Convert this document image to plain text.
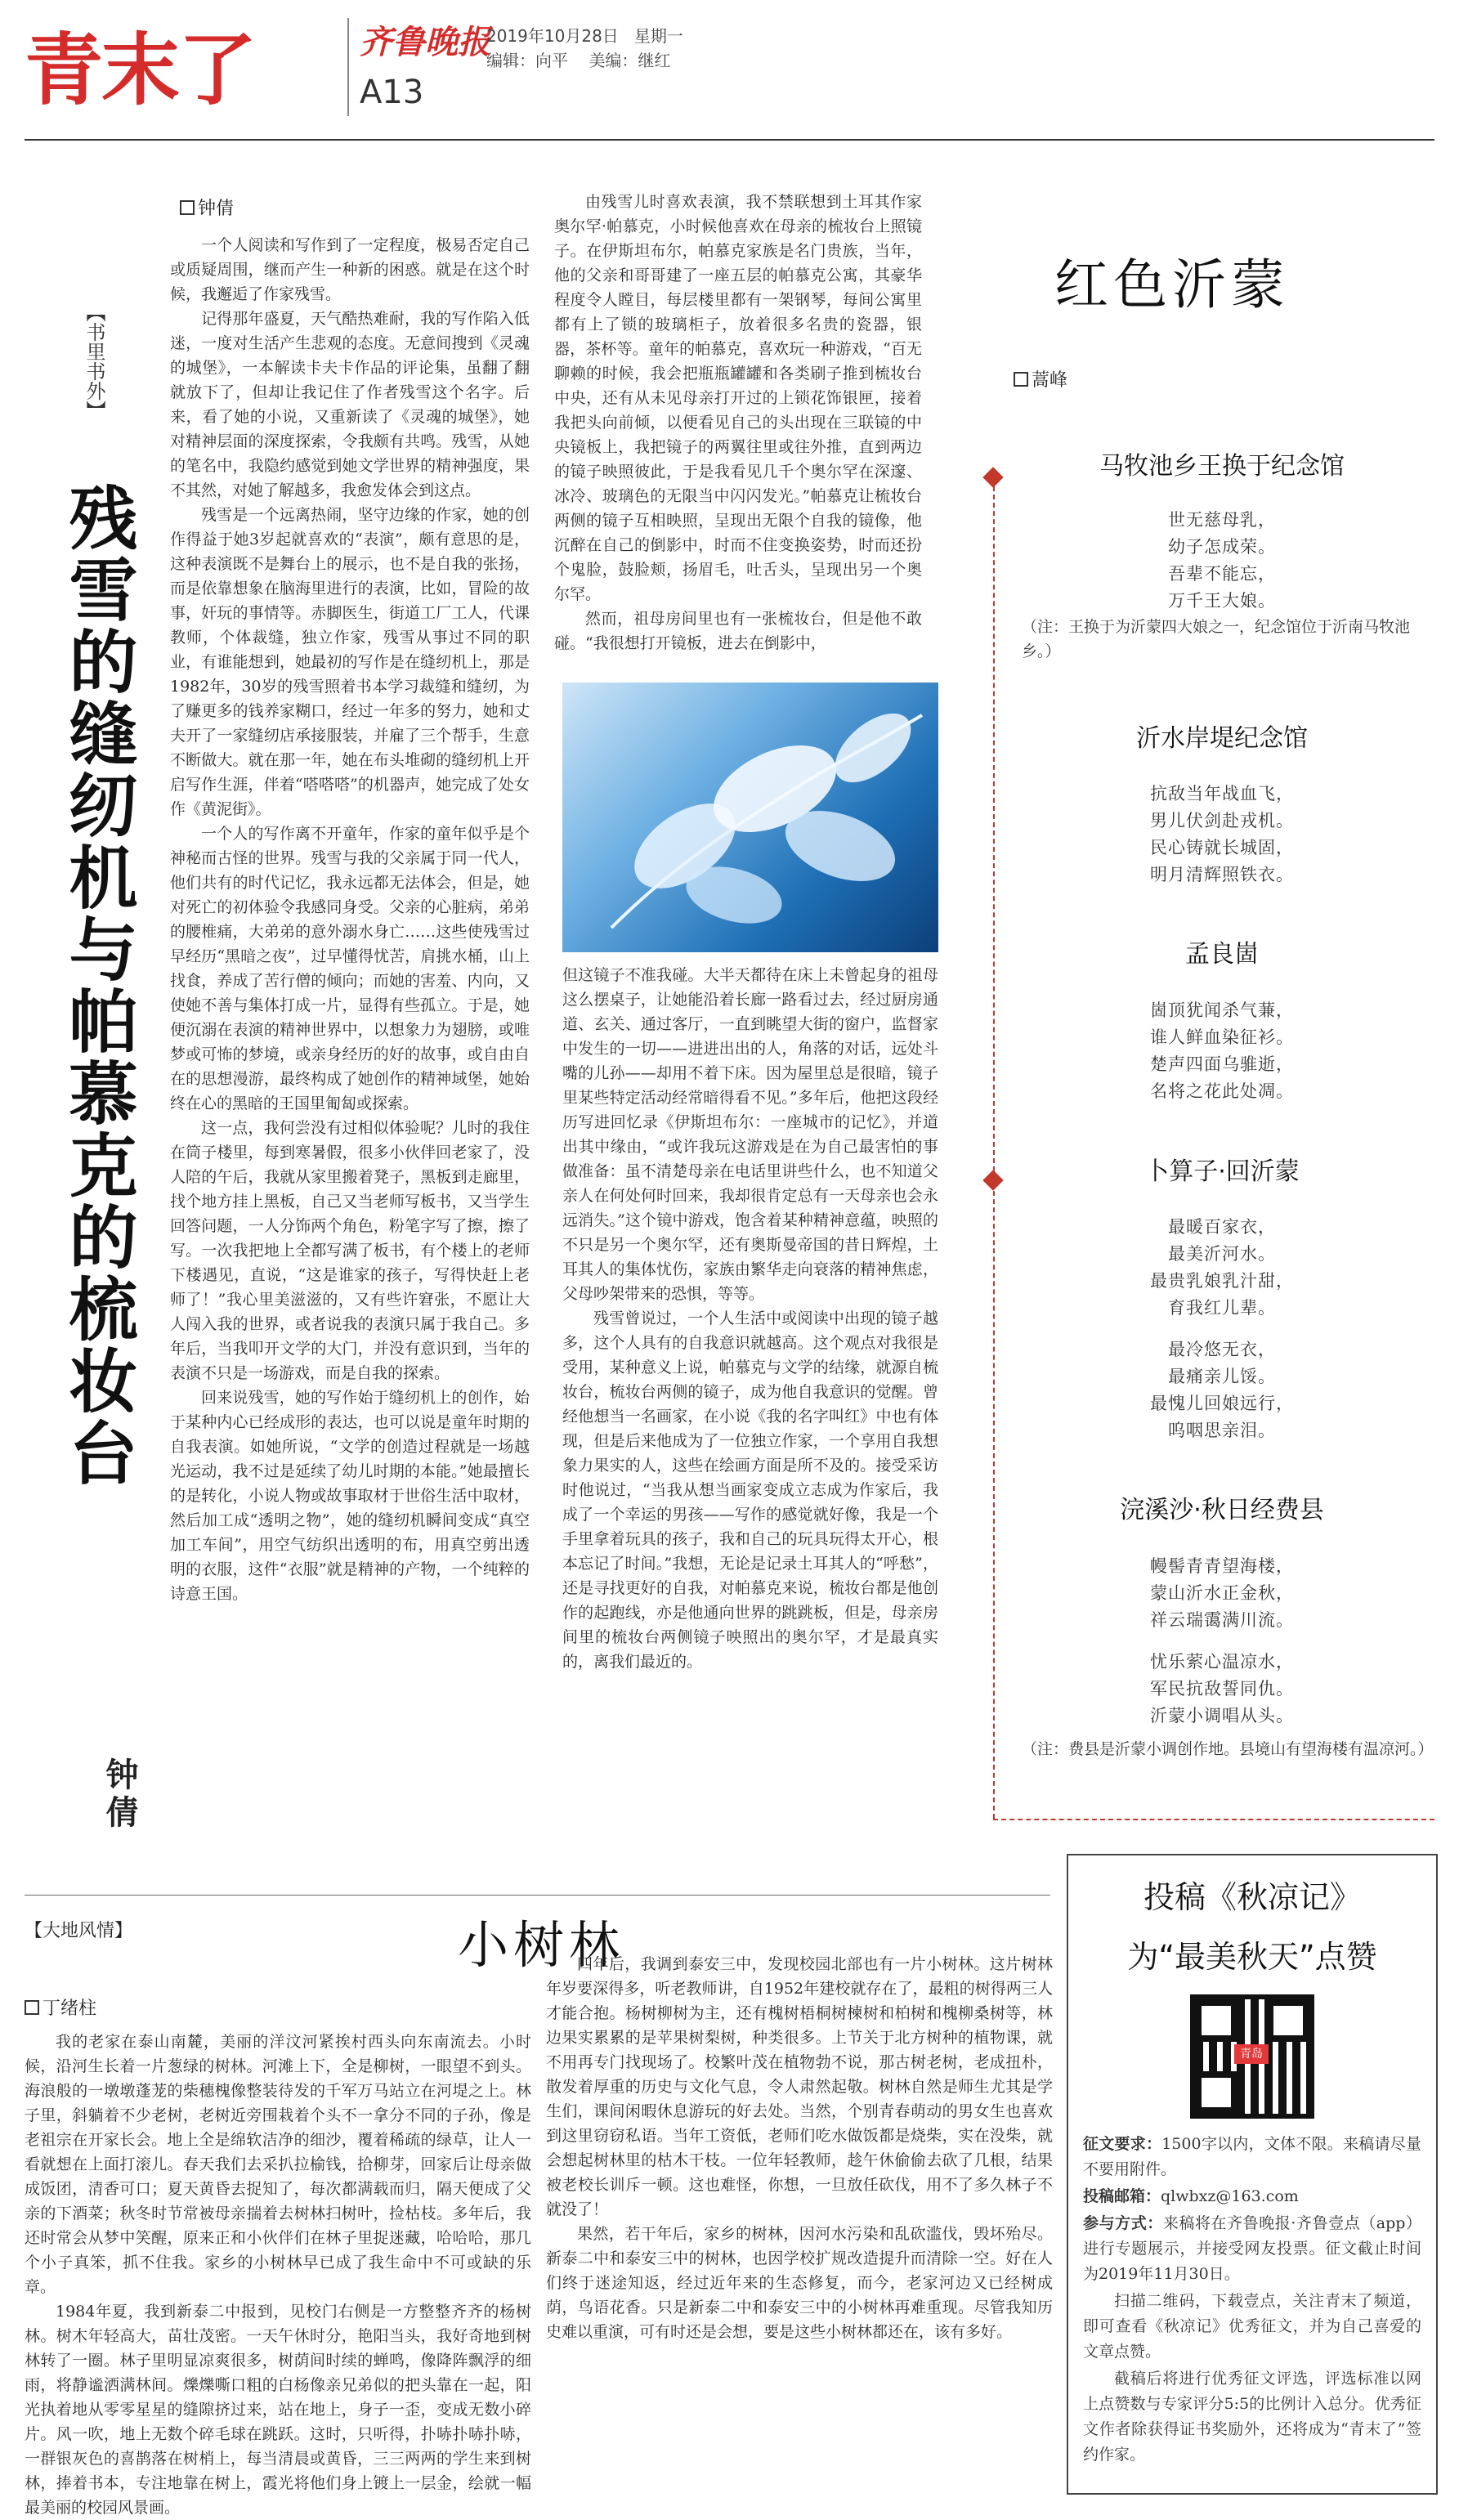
青末了	齐鲁晚报
A13
2019年10月28日 星期一
编辑：向平 美编：继红
【书里书外】
残雪的缝纫机与帕慕克的梳妆台
钟倩
钟倩

一个人阅读和写作到了一定程度，极易否定自己或质疑周围，继而产生一种新的困惑。就是在这个时候，我邂逅了作家残雪。

记得那年盛夏，天气酷热难耐，我的写作陷入低迷，一度对生活产生悲观的态度。无意间搜到《灵魂的城堡》，一本解读卡夫卡作品的评论集，虽翻了翻就放下了，但却让我记住了作者残雪这个名字。后来，看了她的小说，又重新读了《灵魂的城堡》，她对精神层面的深度探索，令我颇有共鸣。残雪，从她的笔名中，我隐约感觉到她文学世界的精神强度，果不其然，对她了解越多，我愈发体会到这点。

残雪是一个远离热闹，坚守边缘的作家，她的创作得益于她3岁起就喜欢的“表演”，颇有意思的是，这种表演既不是舞台上的展示，也不是自我的张扬，而是依靠想象在脑海里进行的表演，比如，冒险的故事，奸玩的事情等。赤脚医生，街道工厂工人，代课教师，个体裁缝，独立作家，残雪从事过不同的职业，有谁能想到，她最初的写作是在缝纫机上，那是1982年，30岁的残雪照着书本学习裁缝和缝纫，为了赚更多的钱养家糊口，经过一年多的努力，她和丈夫开了一家缝纫店承接服装，并雇了三个帮手，生意不断做大。就在那一年，她在布头堆砌的缝纫机上开启写作生涯，伴着“嗒嗒嗒”的机器声，她完成了处女作《黄泥街》。

一个人的写作离不开童年，作家的童年似乎是个神秘而古怪的世界。残雪与我的父亲属于同一代人，他们共有的时代记忆，我永远都无法体会，但是，她对死亡的初体验令我感同身受。父亲的心脏病，弟弟的腰椎痛，大弟弟的意外溺水身亡……这些使残雪过早经历“黑暗之夜”，过早懂得忧苦，肩挑水桶，山上找食，养成了苦行僧的倾向；而她的害羞、内向，又使她不善与集体打成一片，显得有些孤立。于是，她便沉溺在表演的精神世界中，以想象力为翅膀，或唯梦或可怖的梦境，或亲身经历的好的故事，或自由自在的思想漫游，最终构成了她创作的精神域堡，她始终在心的黑暗的王国里匍匐或探索。

这一点，我何尝没有过相似体验呢？儿时的我住在筒子楼里，每到寒暑假，很多小伙伴回老家了，没人陪的午后，我就从家里搬着凳子，黑板到走廊里，找个地方挂上黑板，自己又当老师写板书，又当学生回答问题，一人分饰两个角色，粉笔字写了擦，擦了写。一次我把地上全都写满了板书，有个楼上的老师下楼遇见，直说，“这是谁家的孩子，写得快赶上老师了！”我心里美滋滋的，又有些许窘张，不愿让大人闯入我的世界，或者说我的表演只属于我自己。多年后，当我叩开文学的大门，并没有意识到，当年的表演不只是一场游戏，而是自我的探索。

回来说残雪，她的写作始于缝纫机上的创作，始于某种内心已经成形的表达，也可以说是童年时期的自我表演。如她所说，“文学的创造过程就是一场越光运动，我不过是延续了幼儿时期的本能。”她最擅长的是转化，小说人物或故事取材于世俗生活中取材，然后加工成“透明之物”，她的缝纫机瞬间变成“真空加工车间”，用空气纺织出透明的布，用真空剪出透明的衣服，这件“衣服”就是精神的产物，一个纯粹的诗意王国。

由残雪儿时喜欢表演，我不禁联想到土耳其作家奥尔罕·帕慕克，小时候他喜欢在母亲的梳妆台上照镜子。在伊斯坦布尔，帕慕克家族是名门贵族，当年，他的父亲和哥哥建了一座五层的帕慕克公寓，其豪华程度令人瞠目，每层楼里都有一架钢琴，每间公寓里都有上了锁的玻璃柜子，放着很多名贵的瓷器，银器，茶杯等。童年的帕慕克，喜欢玩一种游戏，“百无聊赖的时候，我会把瓶瓶罐罐和各类刷子推到梳妆台中央，还有从未见母亲打开过的上锁花饰银匣，接着我把头向前倾，以便看见自己的头出现在三联镜的中央镜板上，我把镜子的两翼往里或往外推，直到两边的镜子映照彼此，于是我看见几千个奥尔罕在深邃、冰冷、玻璃色的无限当中闪闪发光。”帕慕克让梳妆台两侧的镜子互相映照，呈现出无限个自我的镜像，他沉醉在自己的倒影中，时而不住变换姿势，时而还扮个鬼脸，鼓脸颊，扬眉毛，吐舌头，呈现出另一个奥尔罕。

然而，祖母房间里也有一张梳妆台，但是他不敢碰。“我很想打开镜板，进去在倒影中，

但这镜子不准我碰。大半天都待在床上未曾起身的祖母这么摆桌子，让她能沿着长廊一路看过去，经过厨房通道、玄关、通过客厅，一直到眺望大街的窗户，监督家中发生的一切——进进出出的人，角落的对话，远处斗嘴的儿孙——却用不着下床。因为屋里总是很暗，镜子里某些特定活动经常暗得看不见。”多年后，他把这段经历写进回忆录《伊斯坦布尔：一座城市的记忆》，并道出其中缘由，“或许我玩这游戏是在为自己最害怕的事做准备：虽不清楚母亲在电话里讲些什么，也不知道父亲人在何处何时回来，我却很肯定总有一天母亲也会永远消失。”这个镜中游戏，饱含着某种精神意蕴，映照的不只是另一个奥尔罕，还有奥斯曼帝国的昔日辉煌，土耳其人的集体忧伤，家族由繁华走向衰落的精神焦虑，父母吵架带来的恐惧，等等。

残雪曾说过，一个人生活中或阅读中出现的镜子越多，这个人具有的自我意识就越高。这个观点对我很是受用，某种意义上说，帕慕克与文学的结缘，就源自梳妆台，梳妆台两侧的镜子，成为他自我意识的觉醒。曾经他想当一名画家，在小说《我的名字叫红》中也有体现，但是后来他成为了一位独立作家，一个享用自我想象力果实的人，这些在绘画方面是所不及的。接受采访时他说过，“当我从想当画家变成立志成为作家后，我成了一个幸运的男孩——写作的感觉就好像，我是一个手里拿着玩具的孩子，我和自己的玩具玩得太开心，根本忘记了时间。”我想，无论是记录土耳其人的“呼愁”，还是寻找更好的自我，对帕慕克来说，梳妆台都是他创作的起跑线，亦是他通向世界的跳跳板，但是，母亲房间里的梳妆台两侧镜子映照出的奥尔罕，才是最真实的，离我们最近的。

红色沂蒙
蒿峰
马牧池乡王换于纪念馆
世无慈母乳，
幼子怎成荣。
吾辈不能忘，
万千王大娘。
（注：王换于为沂蒙四大娘之一，纪念馆位于沂南马牧池乡。）
沂水岸堤纪念馆
抗敌当年战血飞，
男儿伏剑赴戎机。
民心铸就长城固，
明月清辉照铁衣。
孟良崮
崮顶犹闻杀气蒹，
谁人鲜血染征衫。
楚声四面乌骓逝，
名将之花此处凋。
卜算子·回沂蒙
最暖百家衣，
最美沂河水。
最贵乳娘乳汁甜，
育我红儿辈。
最冷悠无衣，
最痛亲儿馁。
最愧儿回娘远行，
呜咽思亲泪。
浣溪沙·秋日经费县
幔髻青青望海楼，
蒙山沂水正金秋，
祥云瑞霭满川流。
忧乐萦心温凉水，
军民抗敌誓同仇。
沂蒙小调唱从头。
（注：费县是沂蒙小调创作地。县境山有望海楼有温凉河。）
投稿《秋凉记》
为“最美秋天”点赞
青岛

征文要求：1500字以内，文体不限。来稿请尽量不要用附件。

投稿邮箱：qlwbxz@163.com

参与方式：来稿将在齐鲁晚报·齐鲁壹点（app）进行专题展示，并接受网友投票。征文截止时间为2019年11月30日。

扫描二维码，下载壹点，关注青末了频道，即可查看《秋凉记》优秀征文，并为自己喜爱的文章点赞。

截稿后将进行优秀征文评选，评选标准以网上点赞数与专家评分5:5的比例计入总分。优秀征文作者除获得证书奖励外，还将成为“青末了”签约作家。

【大地风情】	小树林
丁绪柱

我的老家在泰山南麓，美丽的洋汶河紧挨村西头向东南流去。小时候，沿河生长着一片葱绿的树林。河滩上下，全是柳树，一眼望不到头。海浪般的一墩墩蓬茏的柴穗槐像整装待发的千军万马站立在河堤之上。林子里，斜躺着不少老树，老树近旁围栽着个头不一拿分不同的子孙，像是老祖宗在开家长会。地上全是绵软洁净的细沙，覆着稀疏的绿草，让人一看就想在上面打滚儿。春天我们去采扒拉榆钱，拾柳芽，回家后让母亲做成饭团，清香可口；夏天黄昏去捉知了，每次都满载而归，隔天便成了父亲的下酒菜；秋冬时节常被母亲揣着去树林扫树叶，捡枯枝。多年后，我还时常会从梦中笑醒，原来正和小伙伴们在林子里捉迷藏，哈哈哈，那几个小子真笨，抓不住我。家乡的小树林早已成了我生命中不可或缺的乐章。

1984年夏，我到新泰二中报到，见校门右侧是一方整整齐齐的杨树林。树木年轻高大，苗壮茂密。一天午休时分，艳阳当头，我好奇地到树林转了一圈。林子里明显凉爽很多，树荫间时续的蝉鸣，像降阵飘浮的细雨，将静谧洒满林间。爍爍嘶口粗的白杨像亲兄弟似的把头靠在一起，阳光执着地从零零星星的缝隙挤过来，站在地上，身子一歪，变成无数小碎片。风一吹，地上无数个碎毛球在跳跃。这时，只听得，扑哧扑哧扑哧，一群银灰色的喜鹊落在树梢上，每当清晨或黄昏，三三两两的学生来到树林，捧着书本，专注地靠在树上，霞光将他们身上镀上一层金，绘就一幅最美丽的校园风景画。

四年后，我调到泰安三中，发现校园北部也有一片小树林。这片树林年岁要深得多，听老教师讲，自1952年建校就存在了，最粗的树得两三人才能合抱。杨树柳树为主，还有槐树梧桐树楝树和柏树和槐柳桑树等，林边果实累累的是苹果树梨树，种类很多。上节关于北方树种的植物课，就不用再专门找现场了。校繁叶茂在植物勃不说，那古树老树，老成扭朴，散发着厚重的历史与文化气息，令人肃然起敬。树林自然是师生尤其是学生们，课间闲暇休息游玩的好去处。当然，个别青春萌动的男女生也喜欢到这里窃窃私语。当年工资低，老师们吃水做饭都是烧柴，实在没柴，就会想起树林里的枯木干枝。一位年轻教师，趁午休偷偷去砍了几根，结果被老校长训斥一顿。这也难怪，你想，一旦放任砍伐，用不了多久林子不就没了！

果然，若干年后，家乡的树林，因河水污染和乱砍滥伐，毁坏殆尽。新泰二中和泰安三中的树林，也因学校扩规改造提升而清除一空。好在人们终于迷途知返，经过近年来的生态修复，而今，老家河边又已经树成荫，鸟语花香。只是新泰二中和泰安三中的小树林再难重现。尽管我知历史难以重演，可有时还是会想，要是这些小树林都还在，该有多好。
